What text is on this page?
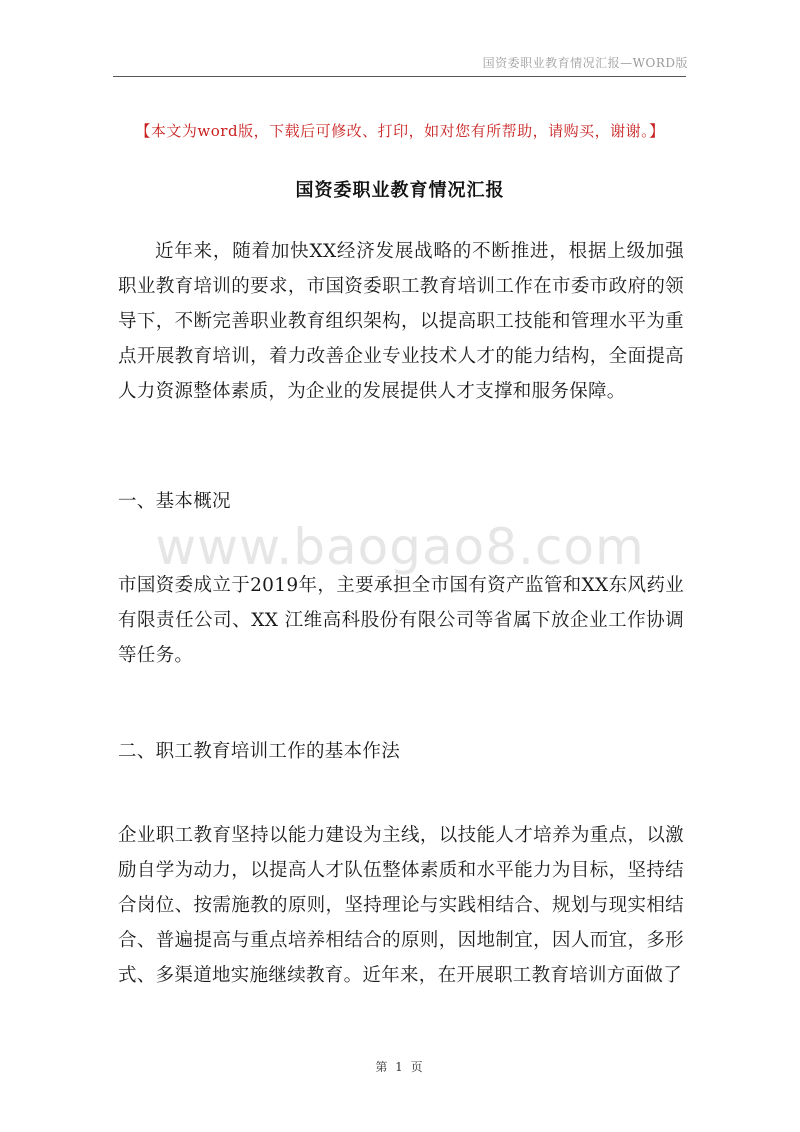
国资委职业教育情况汇报—WORD版
【本文为word版，下载后可修改、打印，如对您有所帮助，请购买，谢谢。】
国资委职业教育情况汇报

近年来，随着加快XX经济发展战略的不断推进，根据上级加强职业教育培训的要求，市国资委职工教育培训工作在市委市政府的领导下，不断完善职业教育组织架构，以提高职工技能和管理水平为重点开展教育培训，着力改善企业专业技术人才的能力结构，全面提高人力资源整体素质，为企业的发展提供人才支撑和服务保障。

一、基本概况
www.baogao8.com

市国资委成立于2019年，主要承担全市国有资产监管和XX东风药业有限责任公司、XX 江维高科股份有限公司等省属下放企业工作协调等任务。

二、职工教育培训工作的基本作法

企业职工教育坚持以能力建设为主线，以技能人才培养为重点，以激励自学为动力，以提高人才队伍整体素质和水平能力为目标，坚持结合岗位、按需施教的原则，坚持理论与实践相结合、规划与现实相结合、普遍提高与重点培养相结合的原则，因地制宜，因人而宜，多形式、多渠道地实施继续教育。近年来，在开展职工教育培训方面做了

第 1 页
